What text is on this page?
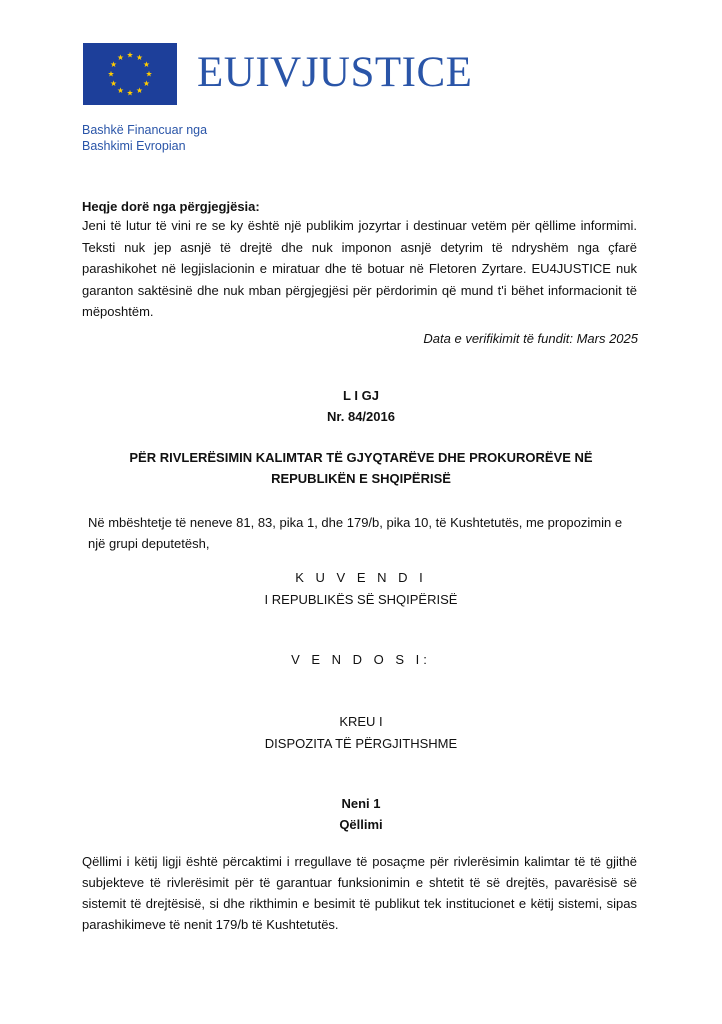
EUIVJUSTICE
Bashkë Financuar nga
Bashkimi Evropian
Heqje dorë nga përgjegjësia:
Jeni të lutur të vini re se ky është një publikim jozyrtar i destinuar vetëm për qëllime informimi. Teksti nuk jep asnjë të drejtë dhe nuk imponon asnjë detyrim të ndryshëm nga çfarë parashikohet në legjislacionin e miratuar dhe të botuar në Fletoren Zyrtare. EU4JUSTICE nuk garanton saktësinë dhe nuk mban përgjegjësi për përdorimin që mund t'i bëhet informacionit të mëposhtëm.
Data e verifikimit të fundit: Mars 2025
L I GJ
Nr. 84/2016
PËR RIVLERËSIMIN KALIMTAR TË GJYQTARËVE DHE PROKURORËVE NË REPUBLIKËN E SHQIPËRISË
Në mbështetje të neneve 81, 83, pika 1, dhe 179/b, pika 10, të Kushtetutës, me propozimin e një grupi deputetësh,
K U V E N D I
I REPUBLIKËS SË SHQIPËRISË
V E N D O S I:
KREU I
DISPOZITA TË PËRGJITHSHME
Neni 1
Qëllimi
Qëllimi i këtij ligji është përcaktimi i rregullave të posaçme për rivlerësimin kalimtar të të gjithë subjekteve të rivlerësimit për të garantuar funksionimin e shtetit të së drejtës, pavarësisë së sistemit të drejtësisë, si dhe rikthimin e besimit të publikut tek institucionet e këtij sistemi, sipas parashikimeve të nenit 179/b të Kushtetutës.
